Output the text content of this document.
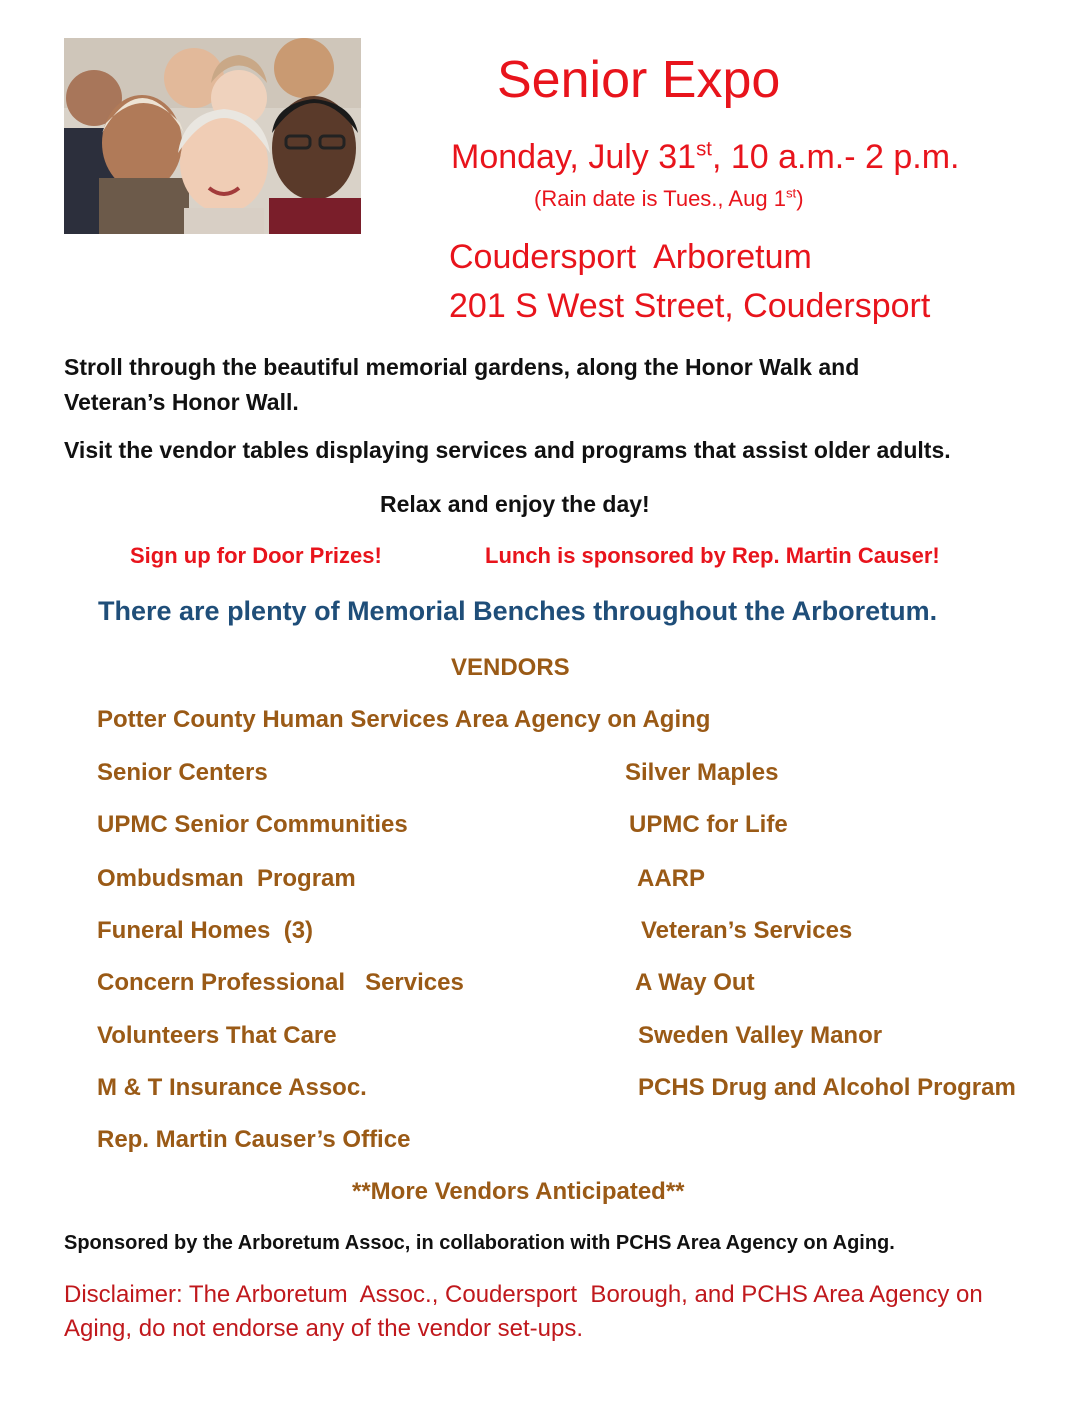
Senior Expo
Monday, July 31st, 10 a.m.- 2 p.m.
(Rain date is Tues., Aug 1st)
Coudersport  Arboretum
201 S West Street, Coudersport
Stroll through the beautiful memorial gardens, along the Honor Walk and Veteran’s Honor Wall.
Visit the vendor tables displaying services and programs that assist older adults.
Relax and enjoy the day!
Sign up for Door Prizes!	Lunch is sponsored by Rep. Martin Causer!
There are plenty of Memorial Benches throughout the Arboretum.
VENDORS
Potter County Human Services Area Agency on Aging
Senior Centers
UPMC Senior Communities
Ombudsman  Program
Funeral Homes  (3)
Concern Professional   Services
Volunteers That Care
M & T Insurance Assoc.
Rep. Martin Causer’s Office
Silver Maples
UPMC for Life
AARP
Veteran’s Services
A Way Out
Sweden Valley Manor
PCHS Drug and Alcohol Program
**More Vendors Anticipated**
Sponsored by the Arboretum Assoc, in collaboration with PCHS Area Agency on Aging.
Disclaimer: The Arboretum  Assoc., Coudersport  Borough, and PCHS Area Agency on Aging, do not endorse any of the vendor set-ups.
